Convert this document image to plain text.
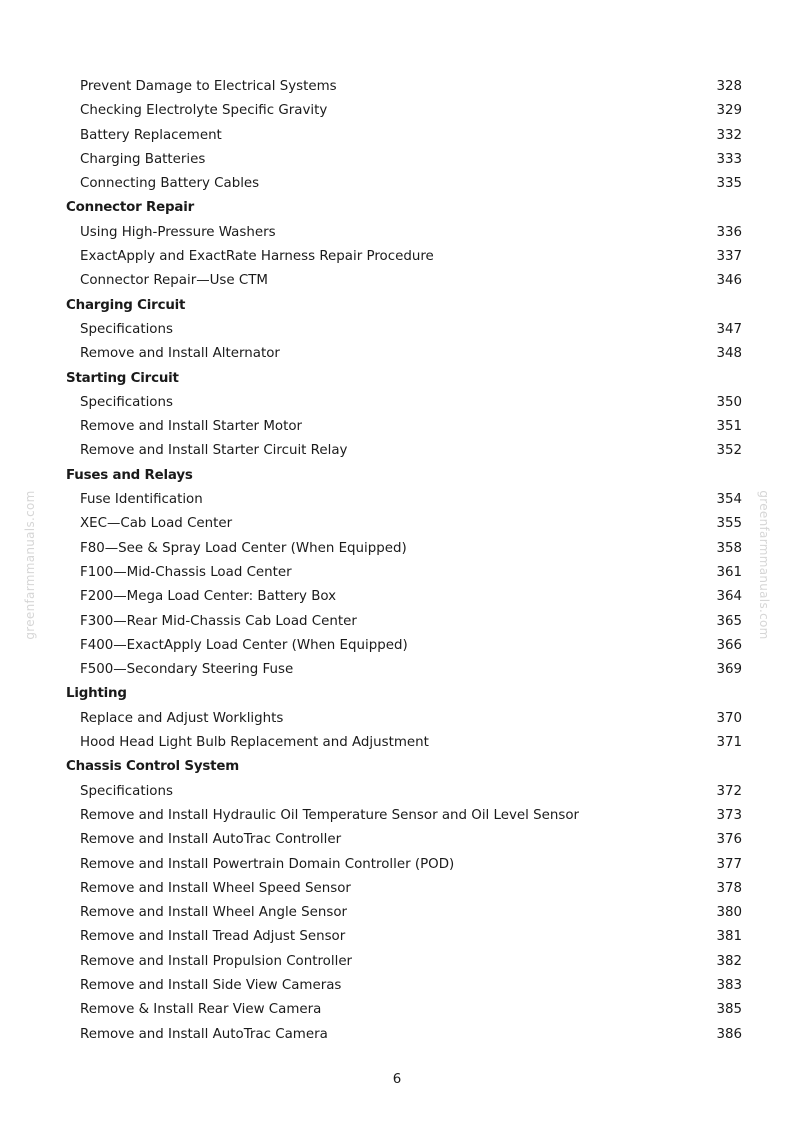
greenfarmmanuals.com	greenfarmmanuals.com
Prevent Damage to Electrical Systems	328
Checking Electrolyte Specific Gravity	329
Battery Replacement	332
Charging Batteries	333
Connecting Battery Cables	335
Connector Repair
Using High-Pressure Washers	336
ExactApply and ExactRate Harness Repair Procedure	337
Connector Repair—Use CTM	346
Charging Circuit
Specifications	347
Remove and Install Alternator	348
Starting Circuit
Specifications	350
Remove and Install Starter Motor	351
Remove and Install Starter Circuit Relay	352
Fuses and Relays
Fuse Identification	354
XEC—Cab Load Center	355
F80—See & Spray Load Center (When Equipped)	358
F100—Mid-Chassis Load Center	361
F200—Mega Load Center: Battery Box	364
F300—Rear Mid-Chassis Cab Load Center	365
F400—ExactApply Load Center (When Equipped)	366
F500—Secondary Steering Fuse	369
Lighting
Replace and Adjust Worklights	370
Hood Head Light Bulb Replacement and Adjustment	371
Chassis Control System
Specifications	372
Remove and Install Hydraulic Oil Temperature Sensor and Oil Level Sensor	373
Remove and Install AutoTrac Controller	376
Remove and Install Powertrain Domain Controller (POD)	377
Remove and Install Wheel Speed Sensor	378
Remove and Install Wheel Angle Sensor	380
Remove and Install Tread Adjust Sensor	381
Remove and Install Propulsion Controller	382
Remove and Install Side View Cameras	383
Remove & Install Rear View Camera	385
Remove and Install AutoTrac Camera	386
6
